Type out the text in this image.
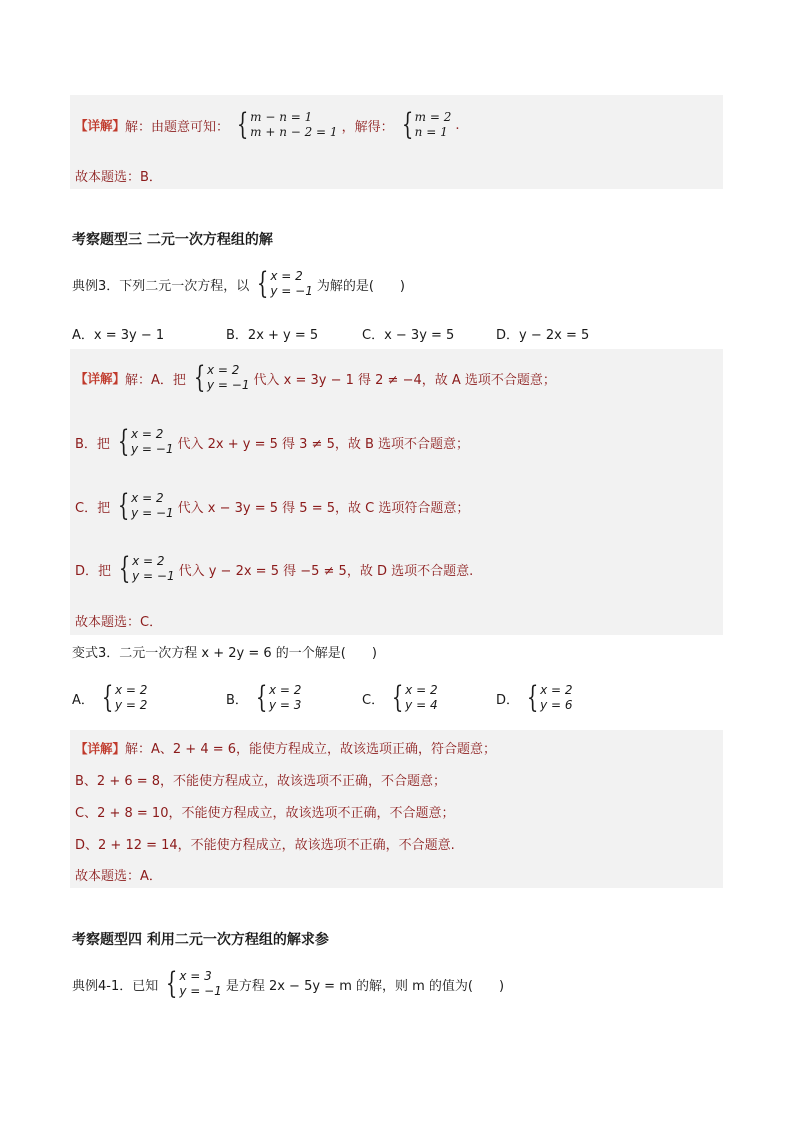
【详解】 解：由题意可知： { m − n = 1
m + n − 2 = 1 ，解得： { m = 2
n = 1 .
故本题选：B．
考察题型三 二元一次方程组的解
典例3．下列二元一次方程，以 { x = 2
y = −1 为解的是(　　)
A．x = 3y − 1	B．2x + y = 5	C．x − 3y = 5	D．y − 2x = 5
【详解】 解：A．把 { x = 2
y = −1 代入 x = 3y − 1 得 2 ≠ −4，故 A 选项不合题意；
B．把 { x = 2
y = −1 代入 2x + y = 5 得 3 ≠ 5，故 B 选项不合题意；
C．把 { x = 2
y = −1 代入 x − 3y = 5 得 5 = 5，故 C 选项符合题意；
D．把 { x = 2
y = −1 代入 y − 2x = 5 得 −5 ≠ 5，故 D 选项不合题意.
故本题选：C．
变式3．二元一次方程 x + 2y = 6 的一个解是(　　)
A． { x = 2
y = 2	B． { x = 2
y = 3	C． { x = 2
y = 4	D． { x = 2
y = 6
【详解】 解：A、2 + 4 = 6，能使方程成立，故该选项正确，符合题意；
B、2 + 6 = 8，不能使方程成立，故该选项不正确，不合题意；
C、2 + 8 = 10，不能使方程成立，故该选项不正确，不合题意；
D、2 + 12 = 14，不能使方程成立，故该选项不正确，不合题意.
故本题选：A．
考察题型四 利用二元一次方程组的解求参
典例4-1．已知 { x = 3
y = −1 是方程 2x − 5y = m 的解，则 m 的值为(　　)
